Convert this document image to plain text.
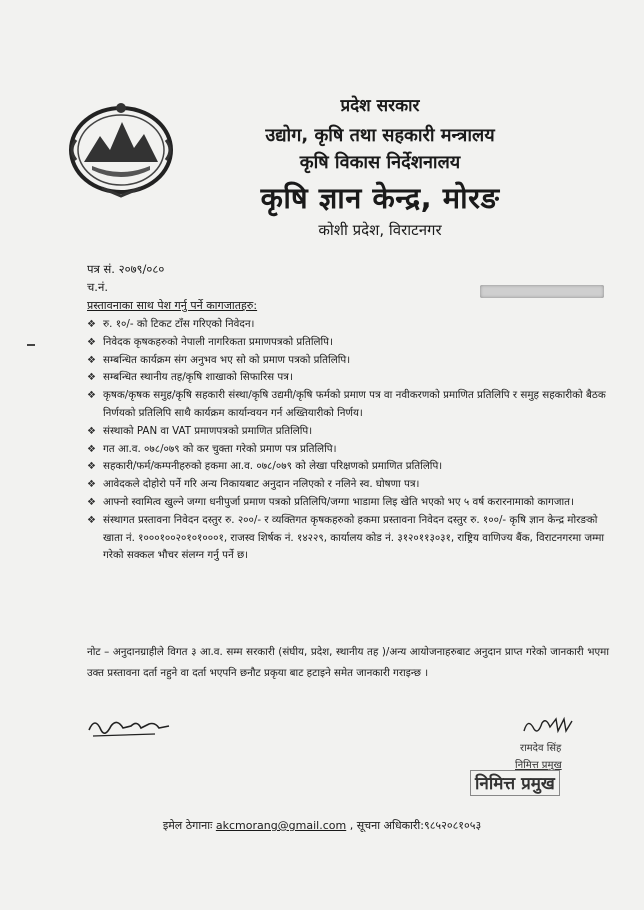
प्रदेश सरकार
उद्योग, कृषि तथा सहकारी मन्त्रालय
कृषि विकास निर्देशनालय
कृषि ज्ञान केन्द्र, मोरङ
कोशी प्रदेश, विराटनगर
पत्र सं. २०७९/०८०
च.नं.
प्रस्तावनाका साथ पेश गर्नु पर्ने कागजातहरु:
❖ रु. १०/- को टिकट टाँस गरिएको निवेदन।
❖ निवेदक कृषकहरुको नेपाली नागरिकता प्रमाणपत्रको प्रतिलिपि।
❖ सम्बन्धित कार्यक्रम संग अनुभव भए सो को प्रमाण पत्रको प्रतिलिपि।
❖ सम्बन्धित स्थानीय तह/कृषि शाखाको सिफारिस पत्र।
❖ कृषक/कृषक समुह/कृषि सहकारी संस्था/कृषि उद्यमी/कृषि फर्मको प्रमाण पत्र वा नवीकरणको प्रमाणित प्रतिलिपि र समुह सहकारीको बैठक निर्णयको प्रतिलिपि साथै कार्यक्रम कार्यान्वयन गर्न अख्तियारीको निर्णय।
❖ संस्थाको PAN वा VAT प्रमाणपत्रको प्रमाणित प्रतिलिपि।
❖ गत आ.व. ०७८/०७९ को कर चुक्ता गरेको प्रमाण पत्र प्रतिलिपि।
❖ सहकारी/फर्म/कम्पनीहरुको हकमा आ.व. ०७८/०७९ को लेखा परिक्षणको प्रमाणित प्रतिलिपि।
❖ आवेदकले दोहोरो पर्ने गरि अन्य निकायबाट अनुदान नलिएको र नलिने स्व. घोषणा पत्र।
❖ आफ्नो स्वामित्व खुल्ने जग्गा धनीपुर्जा प्रमाण पत्रको प्रतिलिपि/जग्गा भाडामा लिइ खेति भएको भए ५ वर्ष करारनामाको कागजात।
❖ संस्थागत प्रस्तावना निवेदन दस्तुर रु. २००/- र व्यक्तिगत कृषकहरुको हकमा प्रस्तावना निवेदन दस्तुर रु. १००/- कृषि ज्ञान केन्द्र मोरङको खाता नं. १०००१००२०१०१०००१, राजस्व शिर्षक नं. १४२२९, कार्यालय कोड नं. ३१२०११३०३१, राष्ट्रिय वाणिज्य बैंक, विराटनगरमा जम्मा गरेको सक्कल भौचर संलग्न गर्नु पर्ने छ।
नोट – अनुदानग्राहीले विगत ३ आ.व. सम्म सरकारी (संघीय, प्रदेश, स्थानीय तह )/अन्य आयोजनाहरुबाट अनुदान प्राप्त गरेको जानकारी भएमा उक्त प्रस्तावना दर्ता नहुने वा दर्ता भएपनि छनौट प्रकृया बाट हटाइने समेत जानकारी गराइन्छ ।
रामदेव सिंह
निमित्त प्रमुख
निमित्त प्रमुख
इमेल ठेगानाः akcmorang@gmail.com , सूचना अधिकारी:९८५२०८१०५३
